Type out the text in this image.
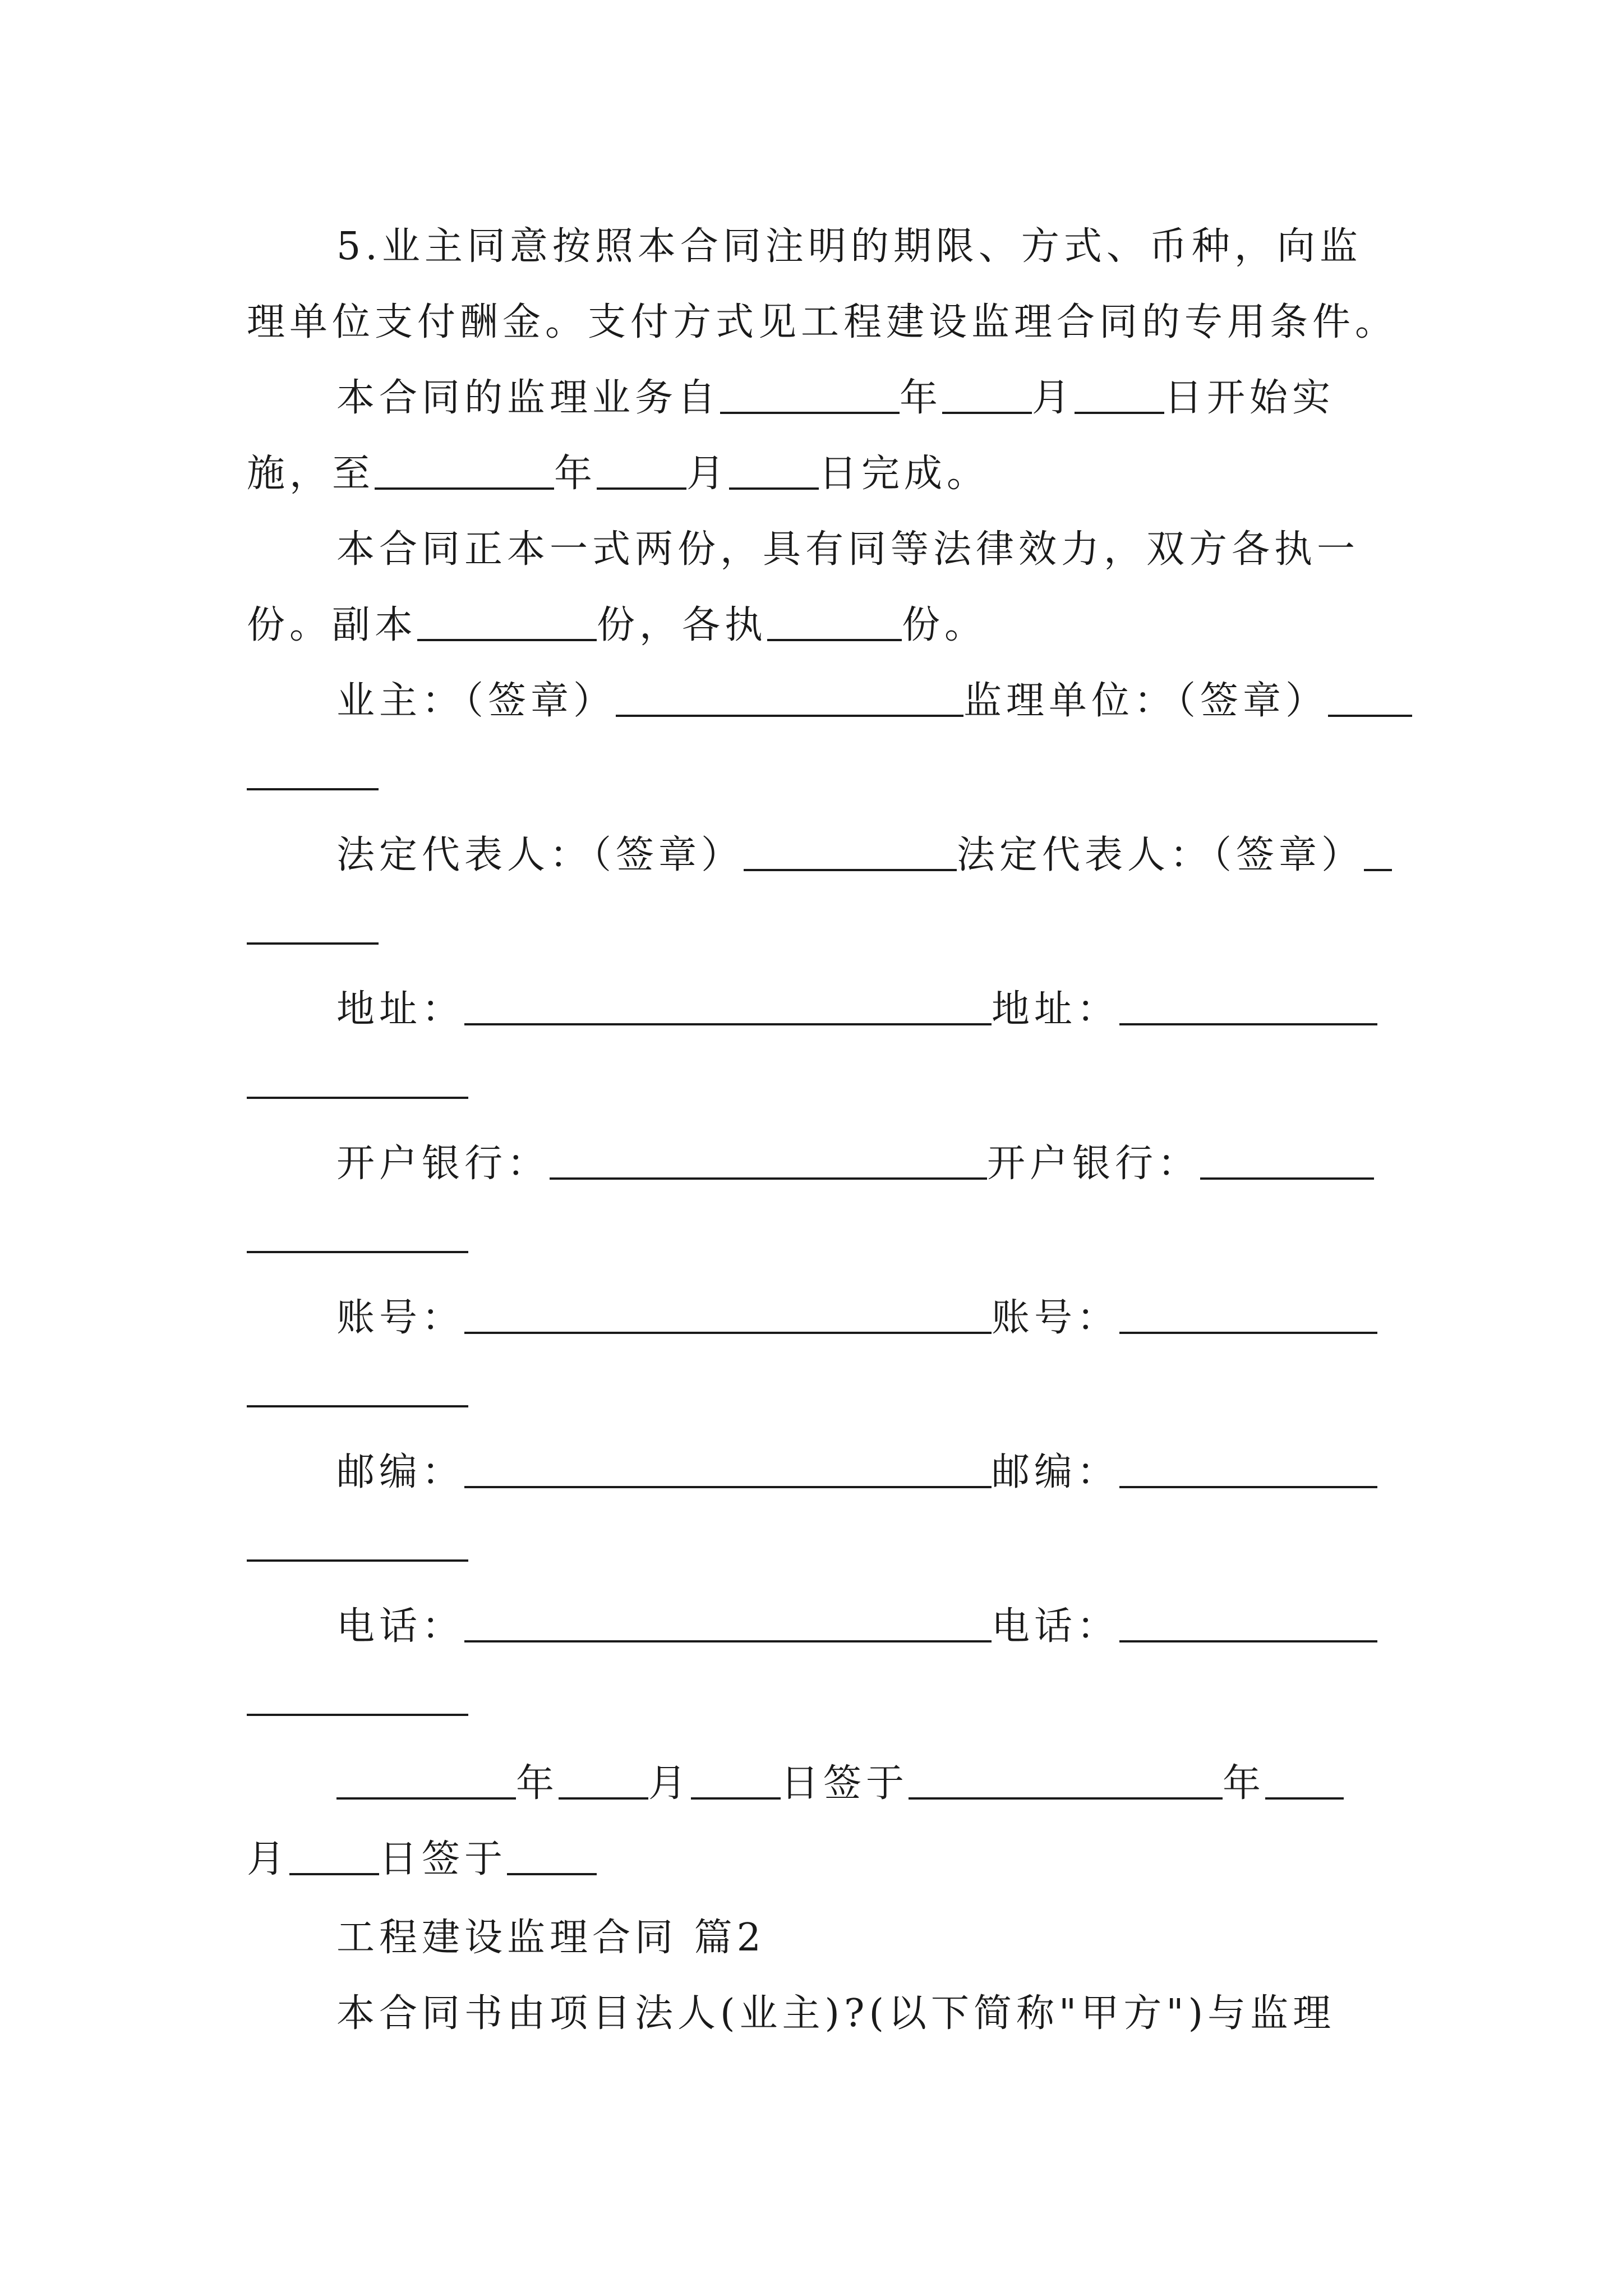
5.业主同意按照本合同注明的期限、方式、币种，向监
理单位支付酬金。支付方式见工程建设监理合同的专用条件。
本合同的监理业务自	年 月 日开始实
施，至	年 月 日完成。
本合同正本一式两份，具有同等法律效力，双方各执一
份。副本	份，各执	份。
业主：（签章）	监理单位：（签章）
法定代表人：（签章）	法定代表人：（签章）
地址：	地址：
开户银行：	开户银行：
账号：	账号：
邮编：	邮编：
电话：	电话：
年 月 日签于	年
月 日签于
工程建设监理合同 篇2
本合同书由项目法人(业主)?(以下简称"甲方")与监理
